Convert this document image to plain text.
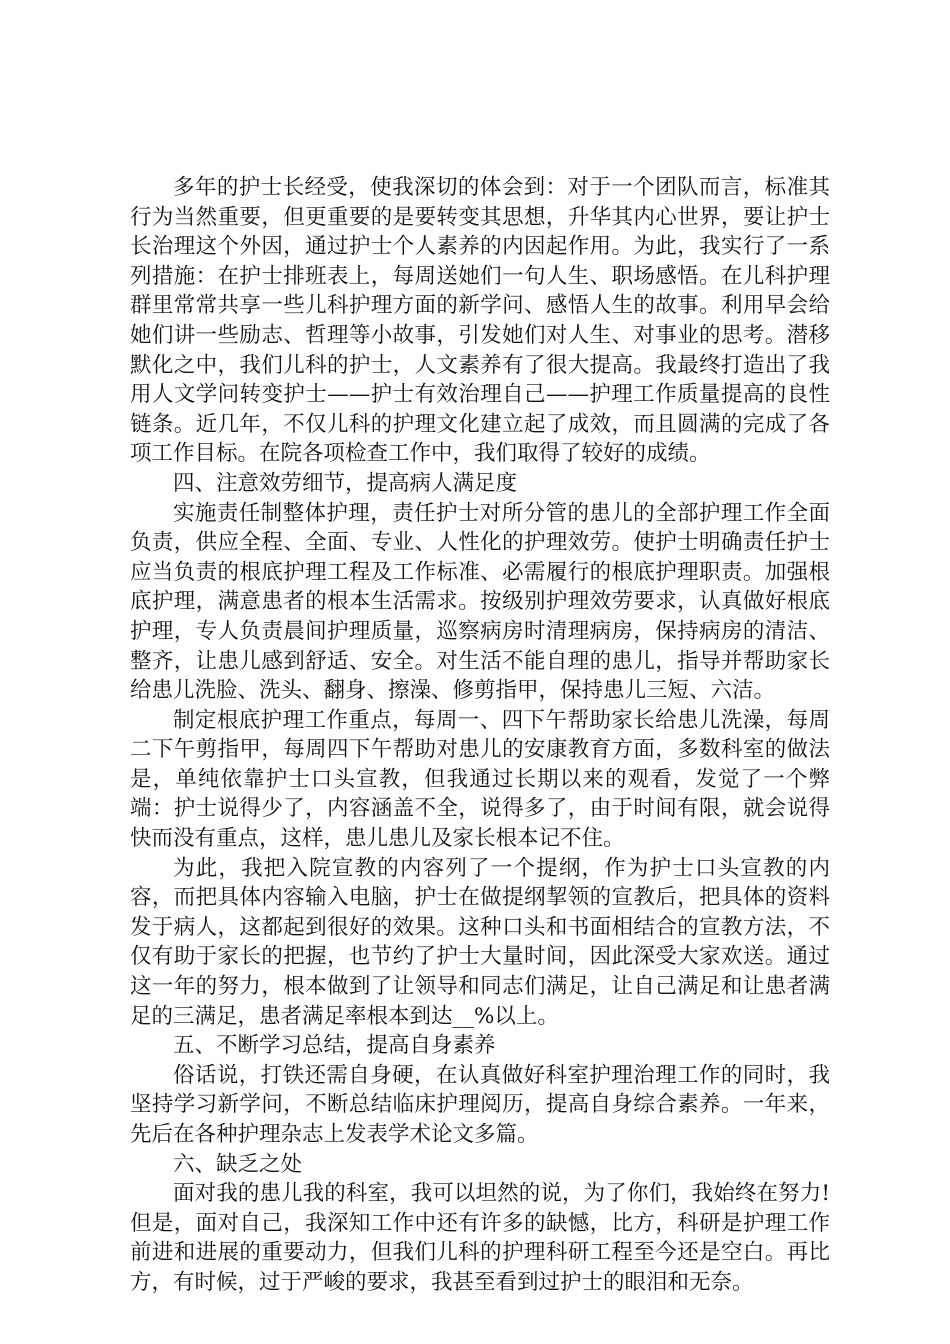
多年的护士长经受，使我深切的体会到：对于一个团队而言，标准其行为当然重要，但更重要的是要转变其思想，升华其内心世界，要让护士长治理这个外因，通过护士个人素养的内因起作用。为此，我实行了一系列措施：在护士排班表上，每周送她们一句人生、职场感悟。在儿科护理群里常常共享一些儿科护理方面的新学问、感悟人生的故事。利用早会给她们讲一些励志、哲理等小故事，引发她们对人生、对事业的思考。潜移默化之中，我们儿科的护士，人文素养有了很大提高。我最终打造出了我用人文学问转变护士——护士有效治理自己——护理工作质量提高的良性链条。近几年，不仅儿科的护理文化建立起了成效，而且圆满的完成了各项工作目标。在院各项检查工作中，我们取得了较好的成绩。

四、注意效劳细节，提高病人满足度

实施责任制整体护理，责任护士对所分管的患儿的全部护理工作全面负责，供应全程、全面、专业、人性化的护理效劳。使护士明确责任护士应当负责的根底护理工程及工作标准、必需履行的根底护理职责。加强根底护理，满意患者的根本生活需求。按级别护理效劳要求，认真做好根底护理，专人负责晨间护理质量，巡察病房时清理病房，保持病房的清洁、整齐，让患儿感到舒适、安全。对生活不能自理的患儿，指导并帮助家长给患儿洗脸、洗头、翻身、擦澡、修剪指甲，保持患儿三短、六洁。

制定根底护理工作重点，每周一、四下午帮助家长给患儿洗澡，每周二下午剪指甲，每周四下午帮助对患儿的安康教育方面，多数科室的做法是，单纯依靠护士口头宣教，但我通过长期以来的观看，发觉了一个弊端：护士说得少了，内容涵盖不全，说得多了，由于时间有限，就会说得快而没有重点，这样，患儿患儿及家长根本记不住。

为此，我把入院宣教的内容列了一个提纲，作为护士口头宣教的内容，而把具体内容输入电脑，护士在做提纲挈领的宣教后，把具体的资料发于病人，这都起到很好的效果。这种口头和书面相结合的宣教方法，不仅有助于家长的把握，也节约了护士大量时间，因此深受大家欢送。通过这一年的努力，根本做到了让领导和同志们满足，让自己满足和让患者满足的三满足，患者满足率根本到达__%以上。

五、不断学习总结，提高自身素养

俗话说，打铁还需自身硬，在认真做好科室护理治理工作的同时，我坚持学习新学问，不断总结临床护理阅历，提高自身综合素养。一年来，先后在各种护理杂志上发表学术论文多篇。

六、缺乏之处

面对我的患儿我的科室，我可以坦然的说，为了你们，我始终在努力!但是，面对自己，我深知工作中还有许多的缺憾，比方，科研是护理工作前进和进展的重要动力，但我们儿科的护理科研工程至今还是空白。再比方，有时候，过于严峻的要求，我甚至看到过护士的眼泪和无奈。
